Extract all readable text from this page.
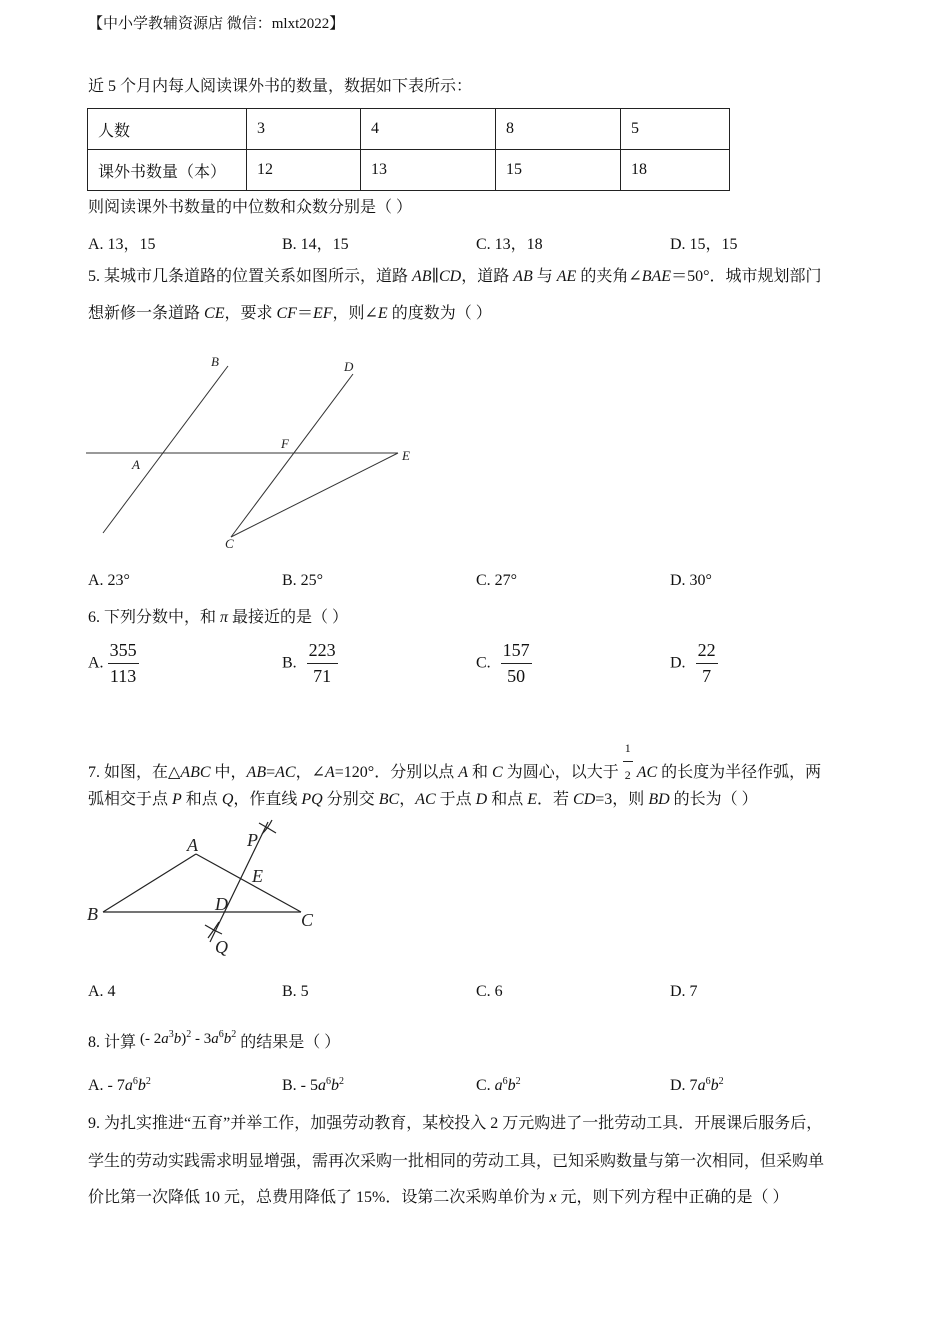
【中小学教辅资源店 微信：mlxt2022】
近 5 个月内每人阅读课外书的数量，数据如下表所示：
人数	3	4	8	5
课外书数量（本）	12	13	15	18
则阅读课外书数量的中位数和众数分别是（ ）
A. 13，15	B. 14，15	C. 13，18	D. 15，15
5. 某城市几条道路的位置关系如图所示，道路 AB∥CD，道路 AB 与 AE 的夹角∠BAE＝50°．城市规划部门
想新修一条道路 CE，要求 CF＝EF，则∠E 的度数为（ ）
B	D
F
A
E
C
A. 23°	B. 25°	C. 27°	D. 30°
6. 下列分数中，和 π 最接近的是（ ）
A. $\frac{355}{113}$	B. $\frac{223}{71}$	C. $\frac{157}{50}$	D. $\frac{22}{7}$
7. 如图，在△ABC 中，AB=AC，∠A=120°．分别以点 A 和 C 为圆心，以大于 $\frac{1}{2}$ AC 的长度为半径作弧，两
弧相交于点 P 和点 Q，作直线 PQ 分别交 BC，AC 于点 D 和点 E．若 CD=3，则 BD 的长为（ ）
A	P
E
B	D
C
Q
A. 4	B. 5	C. 6	D. 7
8. 计算 (- $2a^3b)^2 - 3a^6b^2$ 的结果是（ ）
A. - $7a^6b^2$	B. - $5a^6b^2$	C. $a^6b^2$	D. $7a^6b^2$
9. 为扎实推进“五育”并举工作，加强劳动教育，某校投入 2 万元购进了一批劳动工具．开展课后服务后，
学生的劳动实践需求明显增强，需再次采购一批相同的劳动工具，已知采购数量与第一次相同，但采购单
价比第一次降低 10 元，总费用降低了 15%．设第二次采购单价为 x 元，则下列方程中正确的是（ ）
